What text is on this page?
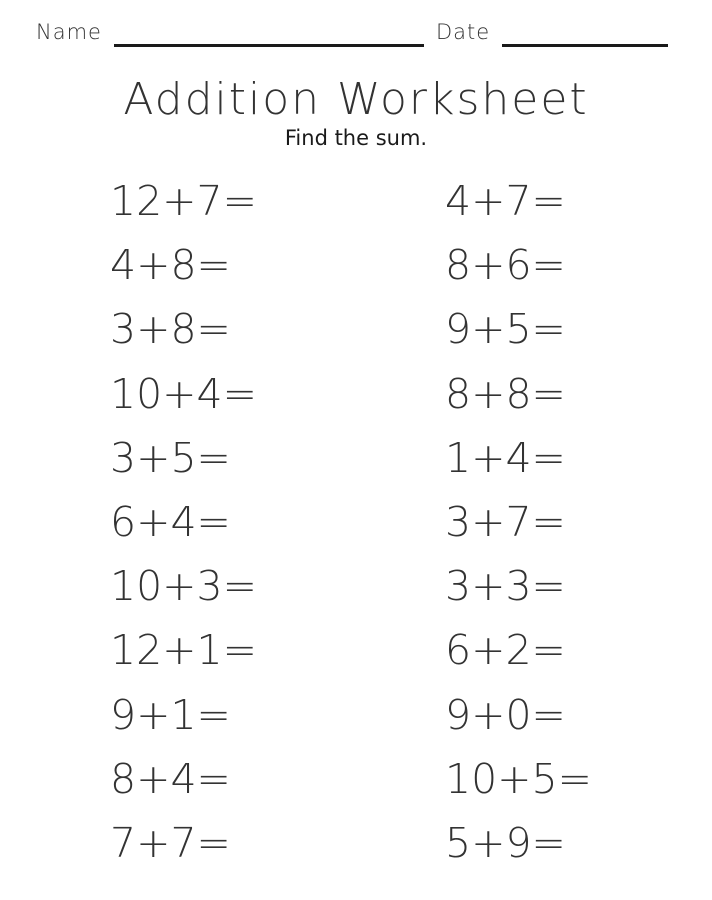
Name	Date
Addition Worksheet
Find the sum.
12+7=
4+8=
3+8=
10+4=
3+5=
6+4=
10+3=
12+1=
9+1=
8+4=
7+7=
4+7=
8+6=
9+5=
8+8=
1+4=
3+7=
3+3=
6+2=
9+0=
10+5=
5+9=
